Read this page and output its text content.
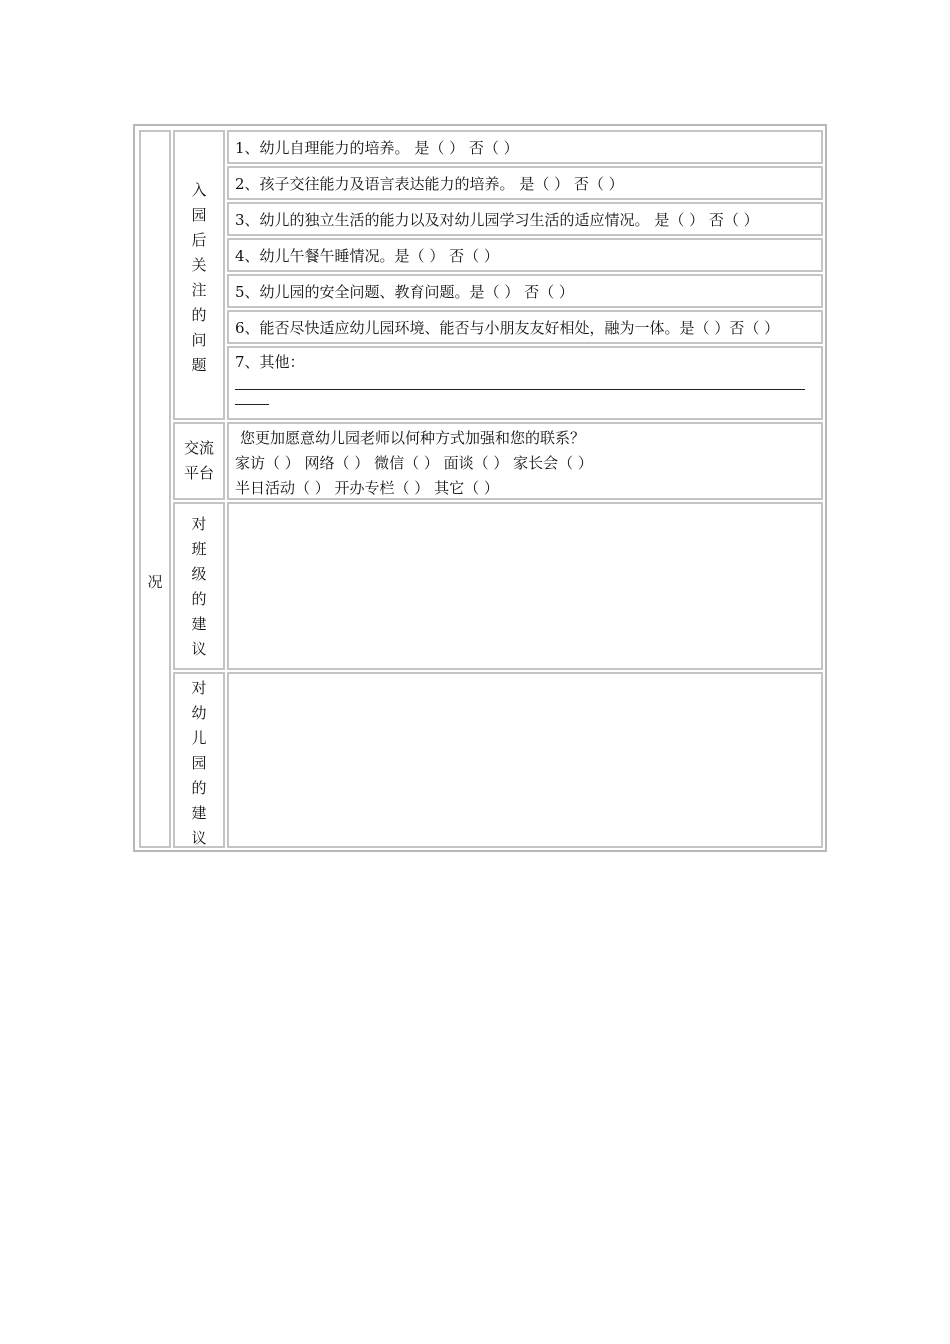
况
入
园
后
关
注
的
问
题
1、幼儿自理能力的培养。 是（ ） 否（ ）
2、孩子交往能力及语言表达能力的培养。 是（ ） 否（ ）
3、幼儿的独立生活的能力以及对幼儿园学习生活的适应情况。 是（ ） 否（ ）
4、幼儿午餐午睡情况。是（ ） 否（ ）
5、幼儿园的安全问题、教育问题。是（ ） 否（ ）
6、能否尽快适应幼儿园环境、能否与小朋友友好相处，融为一体。是（ ）否（ ）
7、其他：
交流
平台
您更加愿意幼儿园老师以何种方式加强和您的联系？
家访（ ） 网络（ ） 微信（ ） 面谈（ ） 家长会（ ）
半日活动（ ） 开办专栏（ ） 其它（ ）
对
班
级
的
建
议
对
幼
儿
园
的
建
议
